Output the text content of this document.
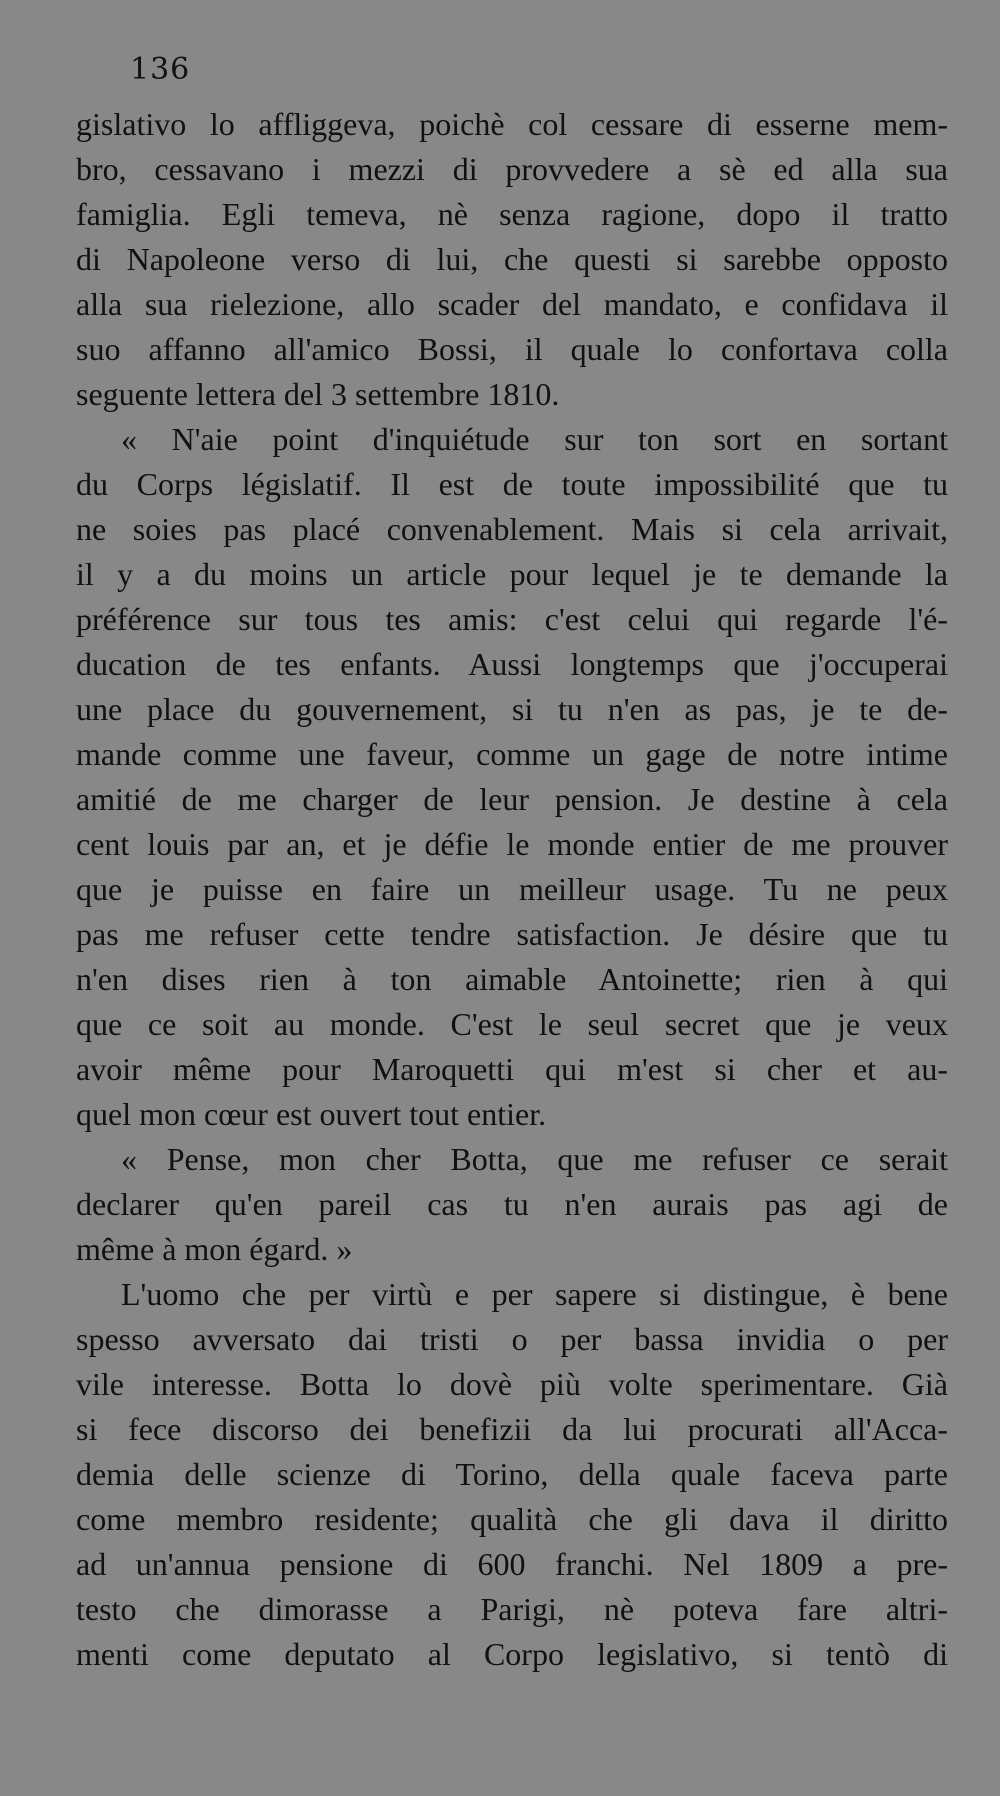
136
gislativo lo affliggeva, poichè col cessare di esserne mem-
bro, cessavano i mezzi di provvedere a sè ed alla sua
famiglia. Egli temeva, nè senza ragione, dopo il tratto
di Napoleone verso di lui, che questi si sarebbe opposto
alla sua rielezione, allo scader del mandato, e confidava il
suo affanno all'amico Bossi, il quale lo confortava colla
seguente lettera del 3 settembre 1810.
« N'aie point d'inquiétude sur ton sort en sortant
du Corps législatif. Il est de toute impossibilité que tu
ne soies pas placé convenablement. Mais si cela arrivait,
il y a du moins un article pour lequel je te demande la
préférence sur tous tes amis: c'est celui qui regarde l'é-
ducation de tes enfants. Aussi longtemps que j'occuperai
une place du gouvernement, si tu n'en as pas, je te de-
mande comme une faveur, comme un gage de notre intime
amitié de me charger de leur pension. Je destine à cela
cent louis par an, et je défie le monde entier de me prouver
que je puisse en faire un meilleur usage. Tu ne peux
pas me refuser cette tendre satisfaction. Je désire que tu
n'en dises rien à ton aimable Antoinette; rien à qui
que ce soit au monde. C'est le seul secret que je veux
avoir même pour Maroquetti qui m'est si cher et au-
quel mon cœur est ouvert tout entier.
« Pense, mon cher Botta, que me refuser ce serait
declarer qu'en pareil cas tu n'en aurais pas agi de
même à mon égard. »
L'uomo che per virtù e per sapere si distingue, è bene
spesso avversato dai tristi o per bassa invidia o per
vile interesse. Botta lo dovè più volte sperimentare. Già
si fece discorso dei benefizii da lui procurati all'Acca-
demia delle scienze di Torino, della quale faceva parte
come membro residente; qualità che gli dava il diritto
ad un'annua pensione di 600 franchi. Nel 1809 a pre-
testo che dimorasse a Parigi, nè poteva fare altri-
menti come deputato al Corpo legislativo, si tentò di
